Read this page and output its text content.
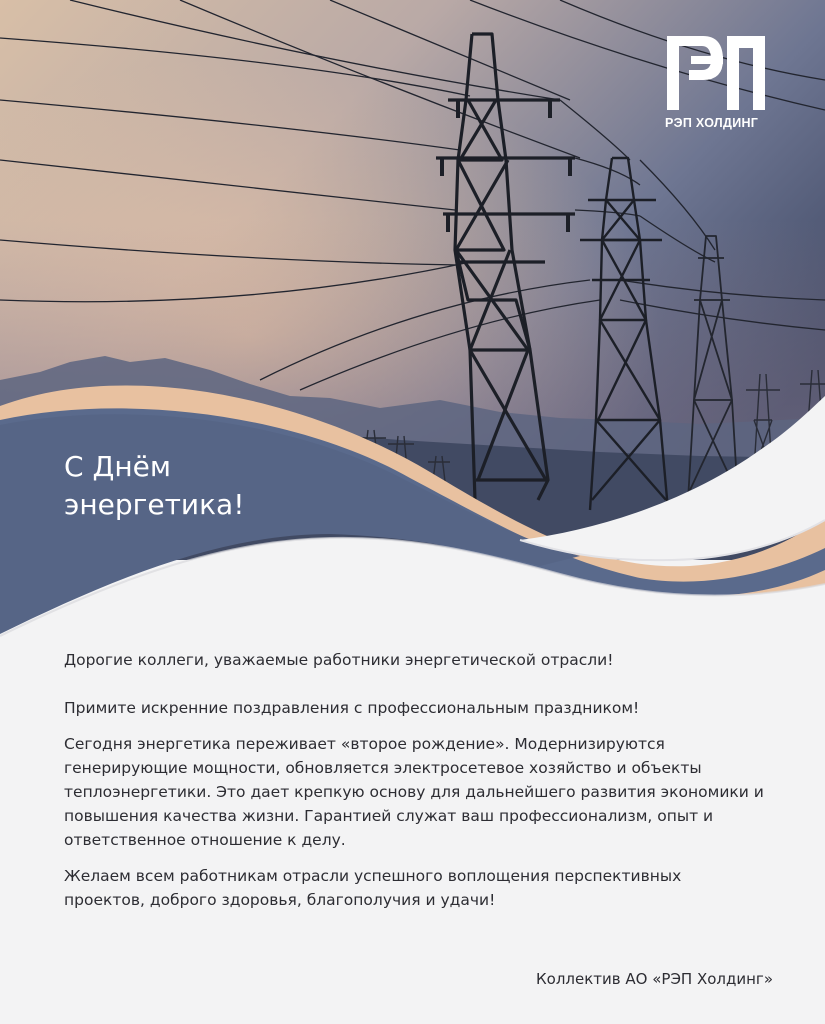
РЭП ХОЛДИНГ
С Днём
энергетика!

Дорогие коллеги, уважаемые работники энергетической отрасли!

Примите искренние поздравления с профессиональным праздником!

Сегодня энергетика переживает «второе рождение». Модернизируются генерирующие мощности, обновляется электросетевое хозяйство и объекты теплоэнергетики. Это дает крепкую основу для дальнейшего развития экономики и повышения качества жизни. Гарантией служат ваш профессионализм, опыт и ответственное отношение к делу.

Желаем всем работникам отрасли успешного воплощения перспективных проектов, доброго здоровья, благополучия и удачи!

Коллектив АО «РЭП Холдинг»
